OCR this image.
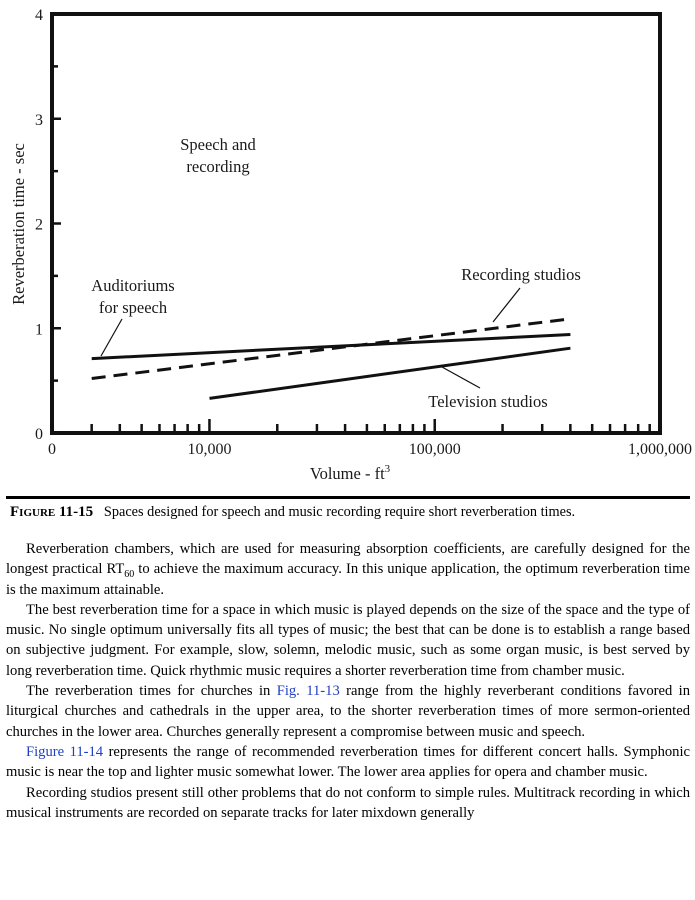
0	10,000	100,000	1,000,000
0
1
2
3
4
Speech and
recording
Auditoriums
for speech
Recording studios
Television studios
Reverberation time - sec
Volume - $ft^3$
Figure 11-15 Spaces designed for speech and music recording require short reverberation times.

Reverberation chambers, which are used for measuring absorption coefficients, are carefully designed for the longest practical $RT_{60}$ to achieve the maximum accuracy. In this unique application, the optimum reverberation time is the maximum attainable.

The best reverberation time for a space in which music is played depends on the size of the space and the type of music. No single optimum universally fits all types of music; the best that can be done is to establish a range based on subjective judgment. For example, slow, solemn, melodic music, such as some organ music, is best served by long reverberation time. Quick rhythmic music requires a shorter reverberation time from chamber music.

The reverberation times for churches in Fig. 11-13 range from the highly reverberant conditions favored in liturgical churches and cathedrals in the upper area, to the shorter reverberation times of more sermon-oriented churches in the lower area. Churches generally represent a compromise between music and speech.

Figure 11-14 represents the range of recommended reverberation times for different concert halls. Symphonic music is near the top and lighter music somewhat lower. The lower area applies for opera and chamber music.

Recording studios present still other problems that do not conform to simple rules. Multitrack recording in which musical instruments are recorded on separate tracks for later mixdown generally
